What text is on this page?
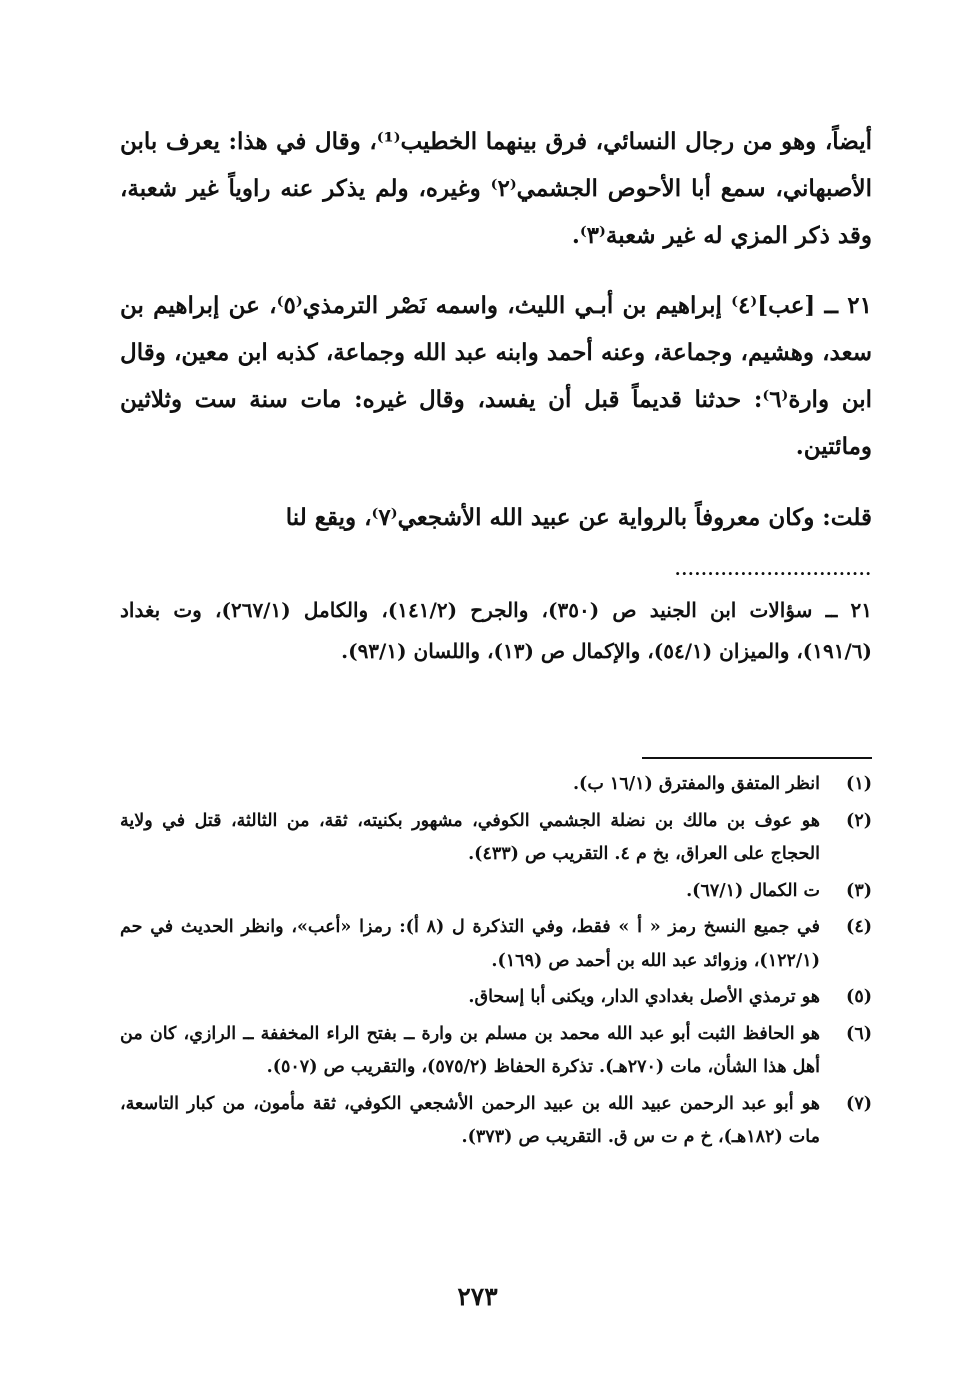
أيضاً، وهو من رجال النسائي، فرق بينهما الخطيب⁽¹⁾، وقال في هذا: يعرف بابن الأصبهاني، سمع أبا الأحوص الجشمي⁽٢⁾ وغيره، ولم يذكر عنه راوياً غير شعبة، وقد ذكر المزي له غير شعبة⁽٣⁾.

٢١ ــ [عب]⁽٤⁾ إبراهيم بن أبـي الليث، واسمه نَصْر الترمذي⁽٥⁾، عن إبراهيم بن سعد، وهشيم، وجماعة، وعنه أحمد وابنه عبد الله وجماعة، كذبه ابن معين، وقال ابن وارة⁽٦⁾: حدثنا قديماً قبل أن يفسد، وقال غيره: مات سنة ست وثلاثين ومائتين.

قلت: وكان معروفاً بالرواية عن عبيد الله الأشجعي⁽٧⁾، ويقع لنا

..............................

٢١ ــ سؤالات ابن الجنيد ص (٣٥٠)، والجرح (١٤١/٢)، والكامل (٢٦٧/١)، وت بغداد (١٩١/٦)، والميزان (٥٤/١)، والإكمال ص (١٣)، واللسان (٩٣/١).

(١)
انظر المتفق والمفترق (١٦/١ ب).
(٢)
هو عوف بن مالك بن نضلة الجشمي الكوفي، مشهور بكنيته، ثقة، من الثالثة، قتل في ولاية الحجاج على العراق، بخ م ٤. التقريب ص (٤٣٣).
(٣)
ت الكمال (٦٧/١).
(٤)
في جميع النسخ رمز « أ » فقط، وفي التذكرة ل (٨ أ): رمزا «أعب»، وانظر الحديث في حم (١٢٢/١)، وزوائد عبد الله بن أحمد ص (١٦٩).
(٥)
هو ترمذي الأصل بغدادي الدار، ويكنى أبا إسحاق.
(٦)
هو الحافظ الثبت أبو عبد الله محمد بن مسلم بن وارة ــ بفتح الراء المخففة ــ الرازي، كان من أهل هذا الشأن، مات (٢٧٠هـ). تذكرة الحفاظ (٥٧٥/٢)، والتقريب ص (٥٠٧).
(٧)
هو أبو عبد الرحمن عبيد الله بن عبيد الرحمن الأشجعي الكوفي، ثقة مأمون، من كبار التاسعة، مات (١٨٢هـ)، خ م ت س ق. التقريب ص (٣٧٣).
٢٧٣
